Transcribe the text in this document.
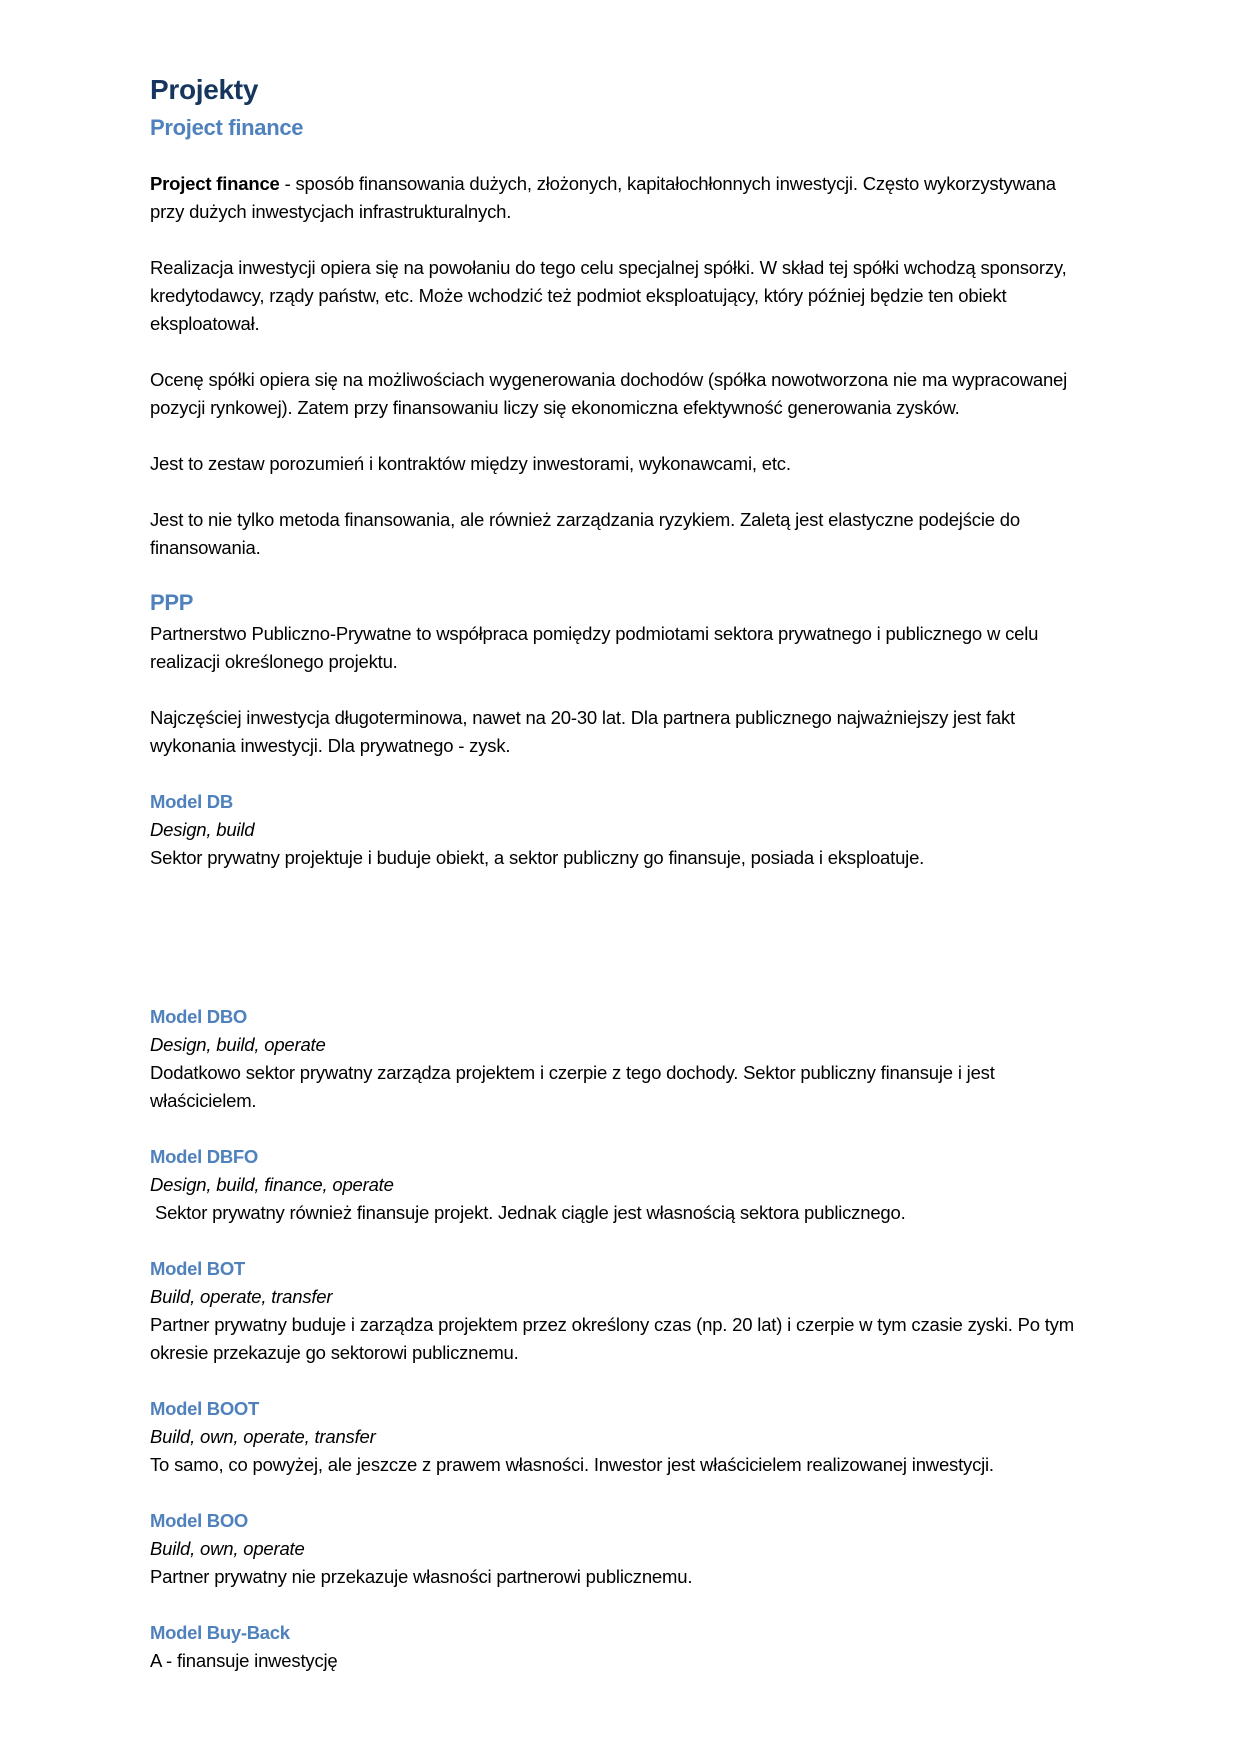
Projekty
Project finance

Project finance - sposób finansowania dużych, złożonych, kapitałochłonnych inwestycji. Często wykorzystywana przy dużych inwestycjach infrastrukturalnych.

Realizacja inwestycji opiera się na powołaniu do tego celu specjalnej spółki. W skład tej spółki wchodzą sponsorzy, kredytodawcy, rządy państw, etc. Może wchodzić też podmiot eksploatujący, który później będzie ten obiekt eksploatował.

Ocenę spółki opiera się na możliwościach wygenerowania dochodów (spółka nowotworzona nie ma wypracowanej pozycji rynkowej). Zatem przy finansowaniu liczy się ekonomiczna efektywność generowania zysków.

Jest to zestaw porozumień i kontraktów między inwestorami, wykonawcami, etc.

Jest to nie tylko metoda finansowania, ale również zarządzania ryzykiem. Zaletą jest elastyczne podejście do finansowania.

PPP

Partnerstwo Publiczno-Prywatne to współpraca pomiędzy podmiotami sektora prywatnego i publicznego w celu realizacji określonego projektu.

Najczęściej inwestycja długoterminowa, nawet na 20-30 lat. Dla partnera publicznego najważniejszy jest fakt wykonania inwestycji. Dla prywatnego - zysk.

Model DB

Design, build

Sektor prywatny projektuje i buduje obiekt, a sektor publiczny go finansuje, posiada i eksploatuje.

Model DBO

Design, build, operate

Dodatkowo sektor prywatny zarządza projektem i czerpie z tego dochody. Sektor publiczny finansuje i jest właścicielem.

Model DBFO

Design, build, finance, operate

Sektor prywatny również finansuje projekt. Jednak ciągle jest własnością sektora publicznego.

Model BOT

Build, operate, transfer

Partner prywatny buduje i zarządza projektem przez określony czas (np. 20 lat) i czerpie w tym czasie zyski. Po tym okresie przekazuje go sektorowi publicznemu.

Model BOOT

Build, own, operate, transfer

To samo, co powyżej, ale jeszcze z prawem własności. Inwestor jest właścicielem realizowanej inwestycji.

Model BOO

Build, own, operate

Partner prywatny nie przekazuje własności partnerowi publicznemu.

Model Buy-Back

A - finansuje inwestycję
